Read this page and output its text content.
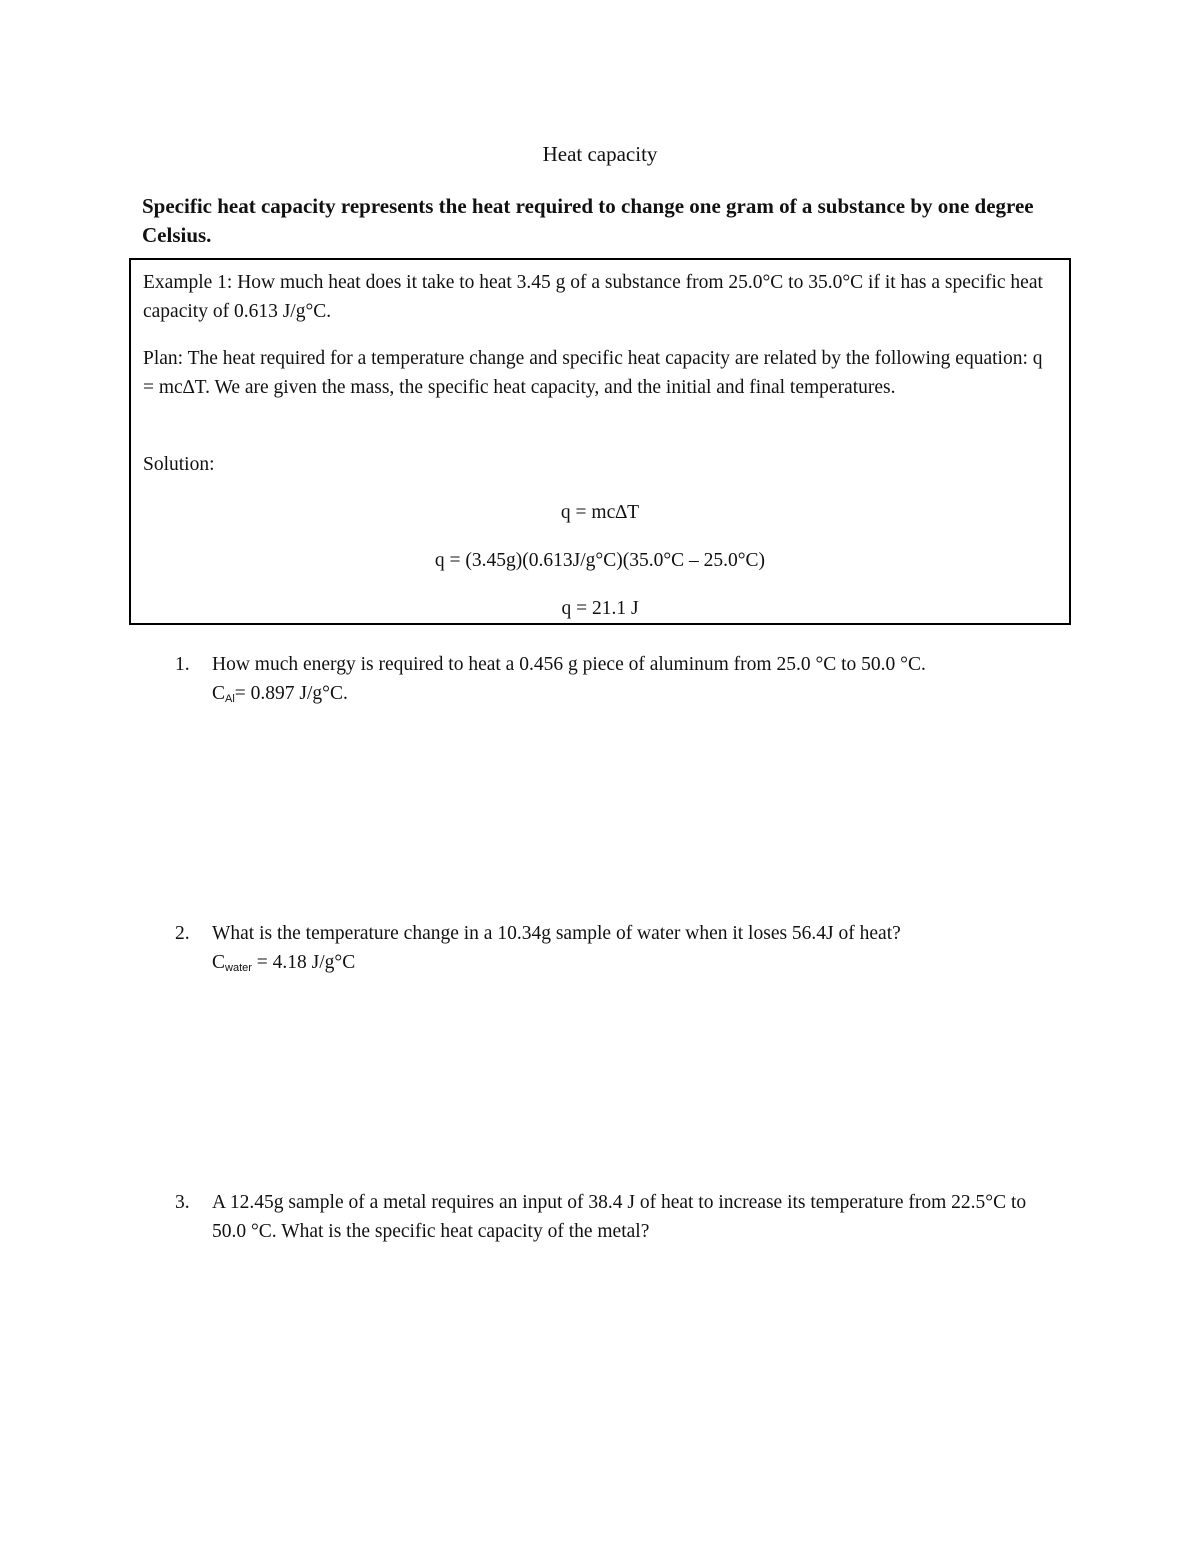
Heat capacity
Specific heat capacity represents the heat required to change one gram of a substance by one degree Celsius.
Example 1: How much heat does it take to heat 3.45 g of a substance from 25.0°C to 35.0°C if it has a specific heat capacity of 0.613 J/g°C.
Plan: The heat required for a temperature change and specific heat capacity are related by the following equation: q = mc∆T. We are given the mass, the specific heat capacity, and the initial and final temperatures.
Solution:
q = mc∆T
q = (3.45g)(0.613J/g°C)(35.0°C – 25.0°C)
q = 21.1 J
1. How much energy is required to heat a 0.456 g piece of aluminum from 25.0 °C to 50.0 °C.
CAl= 0.897 J/g°C.
2. What is the temperature change in a 10.34g sample of water when it loses 56.4J of heat?
Cwater = 4.18 J/g°C
3. A 12.45g sample of a metal requires an input of 38.4 J of heat to increase its temperature from 22.5°C to 50.0 °C. What is the specific heat capacity of the metal?
